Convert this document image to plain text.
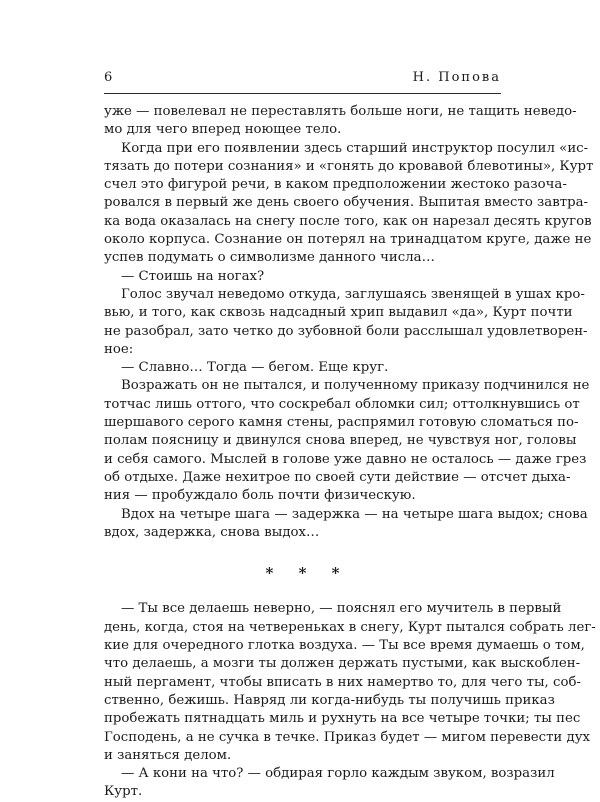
6	Н. Попова
уже — повелевал не переставлять больше ноги, не тащить неведо-
мо для чего вперед ноющее тело.
Когда при его появлении здесь старший инструктор посулил «ис-
тязать до потери сознания» и «гонять до кровавой блевотины», Курт
счел это фигурой речи, в каком предположении жестоко разоча-
ровался в первый же день своего обучения. Выпитая вместо завтра-
ка вода оказалась на снегу после того, как он нарезал десять кругов
около корпуса. Сознание он потерял на тринадцатом круге, даже не
успев подумать о символизме данного числа…
— Стоишь на ногах?
Голос звучал неведомо откуда, заглушаясь звенящей в ушах кро-
вью, и того, как сквозь надсадный хрип выдавил «да», Курт почти
не разобрал, зато четко до зубовной боли расслышал удовлетворен-
ное:
— Славно… Тогда — бегом. Еще круг.
Возражать он не пытался, и полученному приказу подчинился не
тотчас лишь оттого, что соскребал обломки сил; оттолкнувшись от
шершавого серого камня стены, распрямил готовую сломаться по-
полам поясницу и двинулся снова вперед, не чувствуя ног, головы
и себя самого. Мыслей в голове уже давно не осталось — даже грез
об отдыхе. Даже нехитрое по своей сути действие — отсчет дыха-
ния — пробуждало боль почти физическую.
Вдох на четыре шага — задержка — на четыре шага выдох; снова
вдох, задержка, снова выдох…
* * *
— Ты все делаешь неверно, — пояснял его мучитель в первый
день, когда, стоя на четвереньках в снегу, Курт пытался собрать лег-
кие для очередного глотка воздуха. — Ты все время думаешь о том,
что делаешь, а мозги ты должен держать пустыми, как выскоблен-
ный пергамент, чтобы вписать в них намертво то, для чего ты, соб-
ственно, бежишь. Навряд ли когда-нибудь ты получишь приказ
пробежать пятнадцать миль и рухнуть на все четыре точки; ты пес
Господень, а не сучка в течке. Приказ будет — мигом перевести дух
и заняться делом.
— А кони на что? — обдирая горло каждым звуком, возразил
Курт.
